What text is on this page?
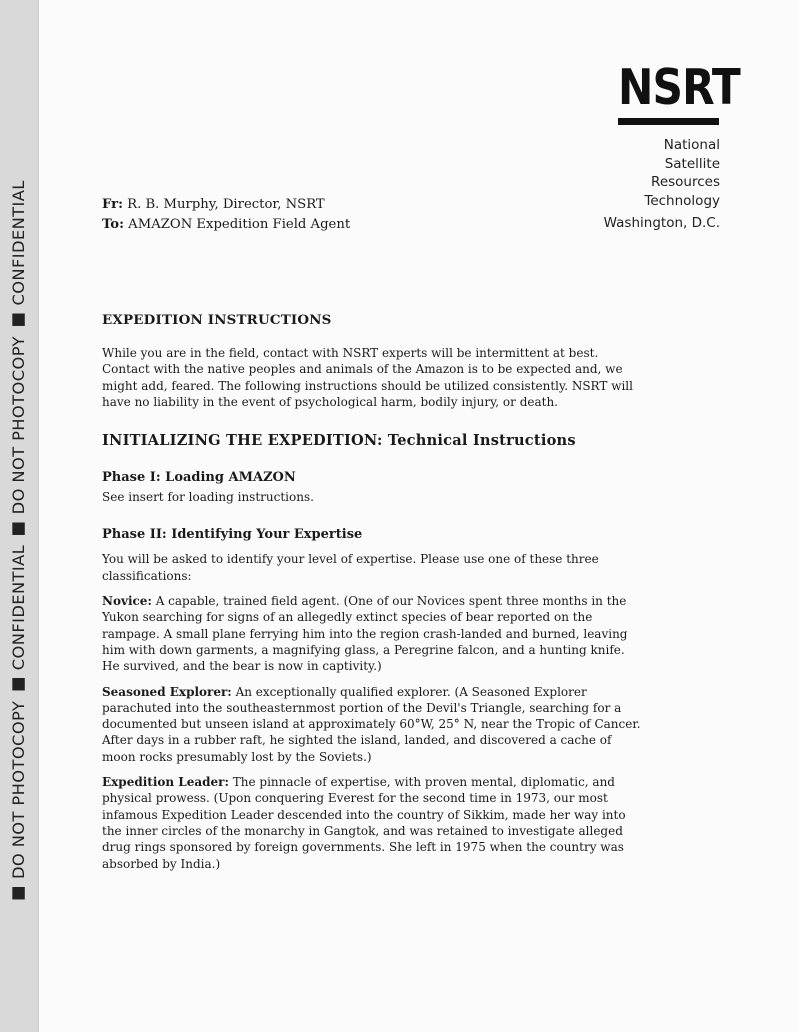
■ DO NOT PHOTOCOPY ■ CONFIDENTIAL ■ DO NOT PHOTOCOPY ■ CONFIDENTIAL
NSRT
National
Satellite
Resources
Technology
Washington, D.C.
Fr: R. B. Murphy, Director, NSRT
To: AMAZON Expedition Field Agent
EXPEDITION INSTRUCTIONS

While you are in the field, contact with NSRT experts will be intermittent at best. Contact with the native peoples and animals of the Amazon is to be expected and, we might add, feared. The following instructions should be utilized consistently. NSRT will have no liability in the event of psychological harm, bodily injury, or death.

INITIALIZING THE EXPEDITION: Technical Instructions
Phase I: Loading AMAZON

See insert for loading instructions.

Phase II: Identifying Your Expertise

You will be asked to identify your level of expertise. Please use one of these three classifications:

Novice: A capable, trained field agent. (One of our Novices spent three months in the Yukon searching for signs of an allegedly extinct species of bear reported on the rampage. A small plane ferrying him into the region crash-landed and burned, leaving him with down garments, a magnifying glass, a Peregrine falcon, and a hunting knife. He survived, and the bear is now in captivity.)

Seasoned Explorer: An exceptionally qualified explorer. (A Seasoned Explorer parachuted into the southeasternmost portion of the Devil's Triangle, searching for a documented but unseen island at approximately 60°W, 25° N, near the Tropic of Cancer. After days in a rubber raft, he sighted the island, landed, and discovered a cache of moon rocks presumably lost by the Soviets.)

Expedition Leader: The pinnacle of expertise, with proven mental, diplomatic, and physical prowess. (Upon conquering Everest for the second time in 1973, our most infamous Expedition Leader descended into the country of Sikkim, made her way into the inner circles of the monarchy in Gangtok, and was retained to investigate alleged drug rings sponsored by foreign governments. She left in 1975 when the country was absorbed by India.)
